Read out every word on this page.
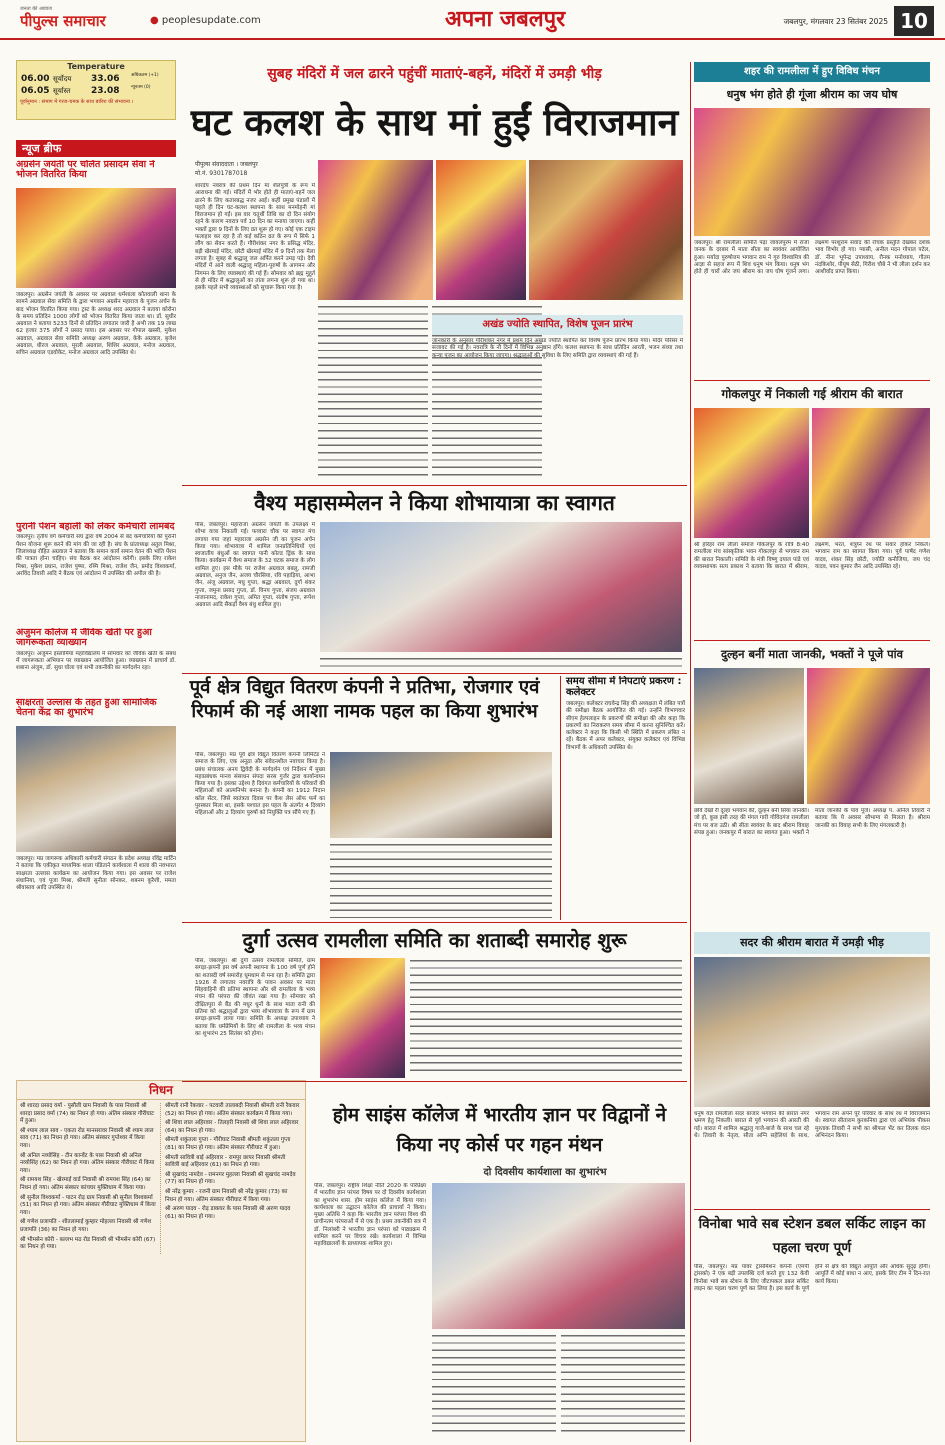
जनता की आवाज
पीपुल्स समाचार	● peoplesupdate.com	अपना जबलपुर	जबलपुर, मंगलवार 23 सितंबर 2025 10
Temperature
06.00 सूर्योदय	33.06	अधिकतम (+1)
06.05 सूर्यास्त	23.08	न्यूनतम (0)
पूर्वानुमान : संभाग में गरज-चमक के साथ बारिश की संभावना ।
न्यूज ब्रीफ
अग्रसेन जयंती पर चलित प्रसादम सेवा ने भोजन वितरित किया
जबलपुर। अग्रसेन जयंती के अवसर पर अग्रवाल धर्मशाला कोतवाली थाना के सामने अग्रवाल सेवा समिति के द्वारा भगवान अग्रसेन महाराज के पूजन अर्चन के बाद भोजन वितरित किया गया। ट्रस्ट के अध्यक्ष शरद अग्रवाल ने बताया कोरोना के समय प्रतिदिन 1000 लोगों को भोजन वितरित किया जाता था। डॉ. सुधीर अग्रवाल ने बताया 5233 दिनों से प्रतिदिन लगातार जारी है अभी तक 19 लाख 62 हजार 375 लोगों ने प्रसाद पाया। इस अवसर पर गोपाल खस्सी, मुकेश अग्रवाल, अग्रवाल सेवा समिति अध्यक्ष अरुण अग्रवाल, केके अग्रवाल, बृजेश अग्रवाल, धीरज अग्रवाल, मुरली अग्रवाल, शिशिर अग्रवाल, मनोज अग्रवाल, सचिन अग्रवाल एडवोकेट, मनोज अग्रवाल आदि उपस्थित थे।
पुरानी पेंशन बहाली को लेकर कर्मचारी लामबंद
जबलपुर। तृतीय वर्ग कर्मचारी संघ द्वारा वर्ष 2004 से बंद कर्मचारियों की पुरानी पेंशन योजना शुरू करने की मांग की जा रही है। संघ के प्रांताध्यक्ष अतुल मिश्रा, जिलाध्यक्ष रोहित अग्रवाल ने बताया कि समान कार्य समान वेतन की भांति पेंशन की पात्रता होना चाहिए। संघ बैठक कर आंदोलन करेगी। इसके लिए राकेश मिश्रा, मुकेश प्रधान, राजेश पुष्पा, रश्मि मिश्रा, राजेश जैन, प्रमोद विश्वकर्मा, अरविंद तिवारी आदि ने बैठक एवं आंदोलन में उपस्थित की अपील की है।
अंजुमन कॉलेज में जैविक खेती पर हुआ जागरूकता व्याख्यान
जबलपुर। अंजुमन इस्लामिया महाविद्यालय में सोमवार को जैविक खेती के संबंध में जागरूकता अभियान पर व्याख्यान आयोजित हुआ। व्याख्यान में प्राचार्य डॉ. शबाना अंजुम, डॉ. सुधा घोला एवं सभी तकनीकी का मार्गदर्शन रहा।
साक्षरता उल्लास के तहत हुआ सामाजिक चेतना केंद्र का शुभारंभ
जबलपुर। मप्र जागरूक अधिकारी कर्मचारी संगठन के प्रदेश अध्यक्ष रविंद्र मार्टिन ने बताया कि एकीकृत माध्यमिक शाला पंडिताने कार्यशाला में शाला की नवभारत साक्षरता उल्लास कार्यक्रम का आयोजन किया गया। इस अवसर पर राजेश संधानिया, एवं पूजा मिश्रा, श्रीमती सुनीता सोनकर, शबनम कुरैशी, ममता श्रीवास्तव आदि उपस्थित थे।
निधन
श्री शारदा प्रसाद वर्मा - पुसौली ग्राम निवासी के पास निवासी श्री शारदा प्रसाद वर्मा (74) का निधन हो गया। अंतिम संस्कार गौरीघाट में हुआ।
श्री श्याम लाल साव - एकता रोड मानसरावर निवासी श्री श्याम लाल साव (71) का निधन हो गया। अंतिम संस्कार गुप्तेश्वर में किया गया।
श्री अनिल नव्योसिंह - टीन कान्वेंट के पास निवासी श्री अनिल नव्योसिंह (62) का निधन हो गया। अंतिम संस्कार गौरीघाट में किया गया।
श्री रामयश सिंह - खेरमाई वार्ड निवासी श्री रामयश सिंह (64) का निधन हो गया। अंतिम संस्कार कांचघर मुक्तिधाम में किया गया।
श्री सुनील विश्वकर्मा - पाटन रोड़ ग्राम निवासी श्री सुनील विश्वकर्मा (51) का निधन हो गया। अंतिम संस्कार गौरीघाट मुक्तिधाम में किया गया।
श्री गणेश प्रजापति - शीतलामाई कुम्हार मोहल्ला निवासी श्री गणेश प्रजापति (36) का निधन हो गया।
श्री भीमसेन कोरी - बल्लभ मठ रोड निवासी श्री भीमसेन कोरी (67) का निधन हो गया।
श्रीमती रानी रैकवार - पटवारी तालाबदी निवासी श्रीमती रानी रैकवार (52) का निधन हो गया। अंतिम संस्कार कार्यक्रम में किया गया।
श्री शिवा लाल अहिरवार - तिलहरी निवासी श्री शिवा लाल अहिरवार (64) का निधन हो गया।
श्रीमती शकुंतला गुप्ता - गौरीघाट निवासी श्रीमती शकुंतला गुप्ता (81) का निधन हो गया। अंतिम संस्कार गौरीघाट में हुआ।
श्रीमती सावित्री बाई अहिरवार - रामपुर छापर निवासी श्रीमती सावित्री बाई अहिरवार (61) का निधन हो गया।
श्री सुखचंद नामदेव - रामनगर मुहल्ला निवासी श्री सुखचंद नामदेव (77) का निधन हो गया।
श्री नरेंद्र कुमार - रजनी ग्राम निवासी श्री नरेंद्र कुमार (73) का निधन हो गया। अंतिम संस्कार गौरीघाट में किया गया।
श्री अरुण यादव - रोड़ डाकघर के पास निवासी श्री अरुण यादव (61) का निधन हो गया।
सुबह मंदिरों में जल ढारने पहुंचीं माताएं-बहनें, मंदिरों में उमड़ी भीड़
घट कलश के साथ मां हुईं विराजमान
पीपुल्स संवाददाता । जबलपुर
मो.नं. 9301787018
शारदेय नवरात्र की प्रथम दिन मां शैलपुत्री के रूप में आराधना की गई। मंदिरों में भोर होते ही माताएं-बहनें जल ढारने के लिए कतारबद्ध नजर आईं। कहीं प्रमुख पंडालों में पहले ही दिन घट-कलश स्थापना के साथ मनमोहनी मां विराजमान हो गईं। इस वार चतुर्थी तिथि का दो दिन संयोग रहने के कारण नवरात्र पर्व 10 दिन का मनाया जाएगा। कहीं भक्तों द्वारा 9 दिनों के लिए व्रत शुरू हो गए। कोई एक टाइम फलाहार कर रहा है तो कई कठिन व्रत के रूप में सिर्फ 1 लौंग का सेवन करते हैं। गौरीशंकर नगर के प्रसिद्ध मंदिर, बड़ी खेरमाई मंदिर, छोटी खेरमाई मंदिर में 9 दिनों तक मेला लगता है। सुबह से श्रद्धालु जल अर्पित करने उमड़ पड़े। देवी मंदिरों में आने वाली श्रद्धालु महिला-पुरुषों के आगमन और निगमन के लिए व्यवस्थाएं की गई हैं। सोमवार को ब्रह्म मुहूर्त से ही मंदिर में श्रद्धालुओं का तांता लगना शुरू हो गया था। इसके पहले सभी व्यवस्थाओं को सुचारू किया गया है।
अखंड ज्योति स्थापित, विशेष पूजन प्रारंभ
जानकारी के अनुसार गौरीशंकर नगर में प्रथम दिन अखंड ज्योति स्थापित कर विशेष पूजन प्रारंभ किया गया। मंदिर परिसर में सजावट की गई है। नवरात्रि के नौ दिनों में विभिन्न अनुष्ठान होंगे। कलश स्थापना के साथ प्रतिदिन आरती, भजन संध्या तथा कन्या पूजन का आयोजन किया जाएगा। श्रद्धालुओं की सुविधा के लिए समिति द्वारा व्यवस्थाएं की गई हैं।
वैश्य महासम्मेलन ने किया शोभायात्रा का स्वागत
पीसं, जबलपुर। महाराजा अग्रसेन जयंती के उपलक्ष्य में शोभा यात्रा निकाली गई। फव्वारा चौक पर स्वागत मंच लगाया गया जहां महाराजा अग्रसेन जी का पूजन अर्चन किया गया। शोभायात्रा में शामिल जनप्रतिनिधियों एवं स्वजातीय बंधुओं का स्वागत पानी कोल्ड ड्रिंक के साथ किया। कार्यक्रम में वैश्य समाज के 32 घटक समाज के लोग शामिल हुए। इस मौके पर राजेश अग्रवाल बबलू, रामजी अग्रवाल, अनुज जैन, अजय चौरसिया, रवि पहाड़िया, आभा जैन, अंजू अग्रवाल, मधु गुप्ता, श्रद्धा अग्रवाल, दुर्गा शंकर गुप्ता, जमुना प्रसाद गुप्ता, डॉ. विनय गुप्ता, संजय अग्रवाल नाजानामद, राकेश गुप्ता, अमित गुप्ता, संतोष गुप्ता, रूपेश अग्रवाल आदि सैकड़ों वैश्य बंधु शामिल हुए।
पूर्व क्षेत्र विद्युत वितरण कंपनी ने प्रतिभा, रोजगार एवं रिफार्म की नई आशा नामक पहल का किया शुभारंभ
पीसं, जबलपुर। मप्र पूर्व क्षेत्र विद्युत वितरण कंपनी लिमिटेड ने समाज के लिए, एक अनूठा और संवेदनशील नवाचार किया है। प्रबंध संचालक अनय द्विवेदी के मार्गदर्शन एवं निर्देशन में मुख्य महाप्रबंधक मानव संसाधन संपदा सरस गुर्जर द्वारा कार्यान्वयन किया गया है। इसका उद्देश्य है दिवंगत कर्मचारियों के परिवारों की महिलाओं को आत्मनिर्भर बनाना है। कंपनी का 1912 निदान कॉल सेंटर, जिसे स्वतंत्रता दिवस पर कैश लेस ऑफ फर्म का पुरस्कार मिला था, इसके पश्चात इस पहल के अंतर्गत 4 दिव्यांग महिलाओं और 2 दिव्यांग पुरुषों को नियुक्ति पत्र सौंपे गए हैं।
समय सीमा में निपटाएं प्रकरण : कलेक्टर
जबलपुर। कलेक्टर राघवेन्द्र सिंह की अध्यक्षता में लंबित पत्रों की समीक्षा बैठक आयोजित की गई। उन्होंने विभागवार सीएम हेल्पलाइन के प्रकरणों की समीक्षा की और कहा कि प्रकरणों का निराकरण समय सीमा में करना सुनिश्चित करें। कलेक्टर ने कहा कि किसी भी स्थिति में प्रकरण लंबित न रहें। बैठक में अपर कलेक्टर, संयुक्त कलेक्टर एवं विभिन्न विभागों के अधिकारी उपस्थित थे।
दुर्गा उत्सव रामलीला समिति का शताब्दी समारोह शुरू
पीसं, जबलपुर। श्री दुर्गा उत्सव रामलीला समिति, ग्राम सगड़ा-झपनी इस वर्ष अपनी स्थापना के 100 वर्ष पूर्ण होने का शताब्दी वर्ष समारोह धूमधाम से मना रहा है। समिति द्वारा 1926 से लगातार नवरात्रि के पावन अवसर पर माता सिंहवाहिनी की प्रतिमा स्थापना और श्री रामलीला के भव्य मंचन की परंपरा की जीवंत रखा गया है। सोमवार को दीक्षितपुरा से बैंड की मधुर धुनों के साथ माता रानी की प्रतिमा को श्रद्धालुओं द्वारा भव्य शोभायात्रा के रूप में ग्राम सगड़ा-झपनी लाया गया। समिति के अध्यक्ष उपाध्याय ने बताया कि धर्मप्रेमियों के लिए श्री रामलीला के भव्य मंचन का शुभारंभ 25 सितंबर को होगा।
होम साइंस कॉलेज में भारतीय ज्ञान पर विद्वानों ने किया नए कोर्स पर गहन मंथन
दो दिवसीय कार्यशाला का शुभारंभ
पीसं, जबलपुर। राष्ट्रीय शिक्षा नीति 2020 के परिप्रेक्ष्य में भारतीय ज्ञान परंपरा विषय पर दो दिवसीय कार्यशाला का शुभारंभ शास. होम साइंस कॉलेज में किया गया। कार्यशाला का उद्घाटन कॉलेज की प्राचार्या ने किया। मुख्य अतिथि ने कहा कि भारतीय ज्ञान परंपरा विश्व की प्राचीनतम परंपराओं में से एक है। प्रथम तकनीकी सत्र में डॉ. निलांबरी ने भारतीय ज्ञान परंपरा को पाठ्यक्रम में शामिल करने पर विचार रखे। कार्यशाला में विभिन्न महाविद्यालयों के प्राध्यापक शामिल हुए।
शहर की रामलीला में हुए विविध मंचन
धनुष भंग होते ही गूंजा श्रीराम का जय घोष
जबलपुर। श्री रामलीला समिति पढ़ा जावलपुरम में राजा जनक के दरबार में माता सीता का स्वयंवर आयोजित हुआ। मर्यादा पुरुषोत्तम भगवान राम ने गुरु विश्वामित्र की आज्ञा से सहज रूप में शिव धनुष भंग किया। धनुष भंग होते ही चारों ओर जय श्रीराम का जय घोष गूंजने लगा। लक्ष्मण परशुराम संवाद की रोचक प्रस्तुति देखकर दर्शक भाव विभोर हो गए। प्यासी, अनील मदन गोपाल पटेल, डॉ. नीना भूपेन्द्र उपाध्याय, रौनक मनोध्याय, गौतम नंदकिशोर, पीयूष सेठी, गिरीश चौबे ने भी लीला दर्शन कर आशीर्वाद प्राप्त किया।
गोकलपुर में निकाली गई श्रीराम की बारात
श्री हरिहर राम लीला समाज गोकलपुर के रात्रि 8:40 रामलीला मंच सांस्कृतिक भवन गोकलपुर से भगवान राम की बारात निकाली। समिति के मंत्री विष्णु दयाल पांडे एवं व्यवस्थापक सत्य प्रकाश ने बताया कि बारात में श्रीराम, लक्ष्मण, भरत, शत्रुघ्न रथ पर सवार होकर निकले। भगवान राम का स्वागत किया गया। पूर्व पार्षद गणेश यादव, शंकर सिंह छोटी, ज्योति कनौजिया, जय चंद यादव, पवन कुमार जैन आदि उपस्थित रहे।
दुल्हन बनीं माता जानकी, भक्तों ने पूजे पांव
छवि देखो री दूल्हा भगवान की, दूल्हन बनीं सिया जानकी। जो हो, कुछ इसी तरह की मंगल गारी गोविंदगंज रामलीला मंच पर बज उठी। श्री सीता स्वयंवर के बाद श्रीराम विवाह संपन्न हुआ। जनकपुर में बारात का स्वागत हुआ। भक्तों ने माता जानकी के पांव पूजे। अध्यक्ष पं. अनिल तिवारी ने बताया कि ये अवसर सौभाग्य से मिलता है। श्रीराम जानकी का विवाह सभी के लिए मंगलकारी है।
सदर की श्रीराम बारात में उमड़ी भीड़
धनुष यज्ञ रामलीला सदर बाजार भगवान की बारात नगर भ्रमण हेतु निकली। बारात से पूर्व भगवान की आरती की गई। बारात में शामिल श्रद्धालु गाजे-बाजे के साथ चल रहे थे। तिवारी के नेतृत्व, सीता अग्नि सहेलियां के साथ, भगवान राम अपने पूरे परिवार के साथ रथ में विराजमान थे। स्वागत सीताराम कुरकनिया द्वारा एवं अभियंक पीकस मुश्ताक तिवारी ने सभी का श्रीफल भेंट कर तिलक वंदन अभिनंदन किया।
विनोबा भावे सब स्टेशन डबल सर्किट लाइन का पहला चरण पूर्ण
पीसं, जबलपुर। मप्र पावर ट्रांसमिशन कंपनी (एमपी ट्रांसको) ने एक बड़ी उपलब्धि दर्ज करते हुए 132 केवी विनोबा भावे सब स्टेशन के लिए जीटापकल डबल सर्किट लाइन का पहला चरण पूर्ण कर लिया है। इस कार्य के पूर्ण होने से क्षेत्र की विद्युत आपूर्ति और अधिक सुदृढ़ होगी। आपूर्ति में कोई बाधा न आए, इसके लिए टीम ने दिन-रात कार्य किया।
